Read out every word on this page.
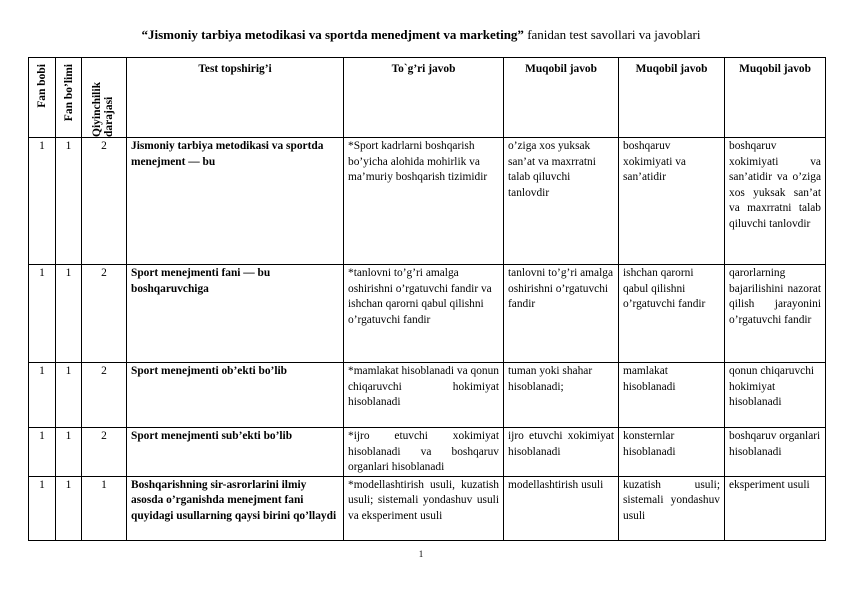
“Jismoniy tarbiya metodikasi va sportda menedjment va marketing” fanidan test savollari va javoblari
Fan bobi	Fan bo’limi	Qiyinchilik darajasi	Test topshirig’i	To`g’ri javob	Muqobil javob	Muqobil javob	Muqobil javob
1	1	2	Jismoniy tarbiya metodikasi va sportda menejment — bu	*Sport kadrlarni boshqarish bo’yicha alohida mohirlik va ma’muriy boshqarish tizimidir	o’ziga xos yuksak san’at va maxrratni talab qiluvchi tanlovdir	boshqaruv xokimiyati va san’atidir	boshqaruv xokimiyati va san’atidir va o’ziga xos yuksak san’at va maxrratni talab qiluvchi tanlovdir
1	1	2	Sport menejmenti fani — bu boshqaruvchiga	*tanlovni to’g’ri amalga oshirishni o’rgatuvchi fandir va ishchan qarorni qabul qilishni o’rgatuvchi fandir	tanlovni to’g’ri amalga oshirishni o’rgatuvchi fandir	ishchan qarorni qabul qilishni o’rgatuvchi fandir	qarorlarning bajarilishini nazorat qilish jarayonini o’rgatuvchi fandir
1	1	2	Sport menejmenti ob’ekti bo’lib	*mamlakat hisoblanadi va qonun chiqaruvchi hokimiyat hisoblanadi	tuman yoki shahar hisoblanadi;	mamlakat hisoblanadi	qonun chiqaruvchi hokimiyat hisoblanadi
1	1	2	Sport menejmenti sub’ekti bo’lib	*ijro etuvchi xokimiyat hisoblanadi va boshqaruv organlari hisoblanadi	ijro etuvchi xokimiyat hisoblanadi	konsternlar hisoblanadi	boshqaruv organlari hisoblanadi
1	1	1	Boshqarishning sir-asrorlarini ilmiy asosda o’rganishda menejment fani quyidagi usullarning qaysi birini qo’llaydi	*modellashtirish usuli, kuzatish usuli; sistemali yondashuv usuli va eksperiment usuli	modellashtirish usuli	kuzatish usuli; sistemali yondashuv usuli	eksperiment usuli
1
